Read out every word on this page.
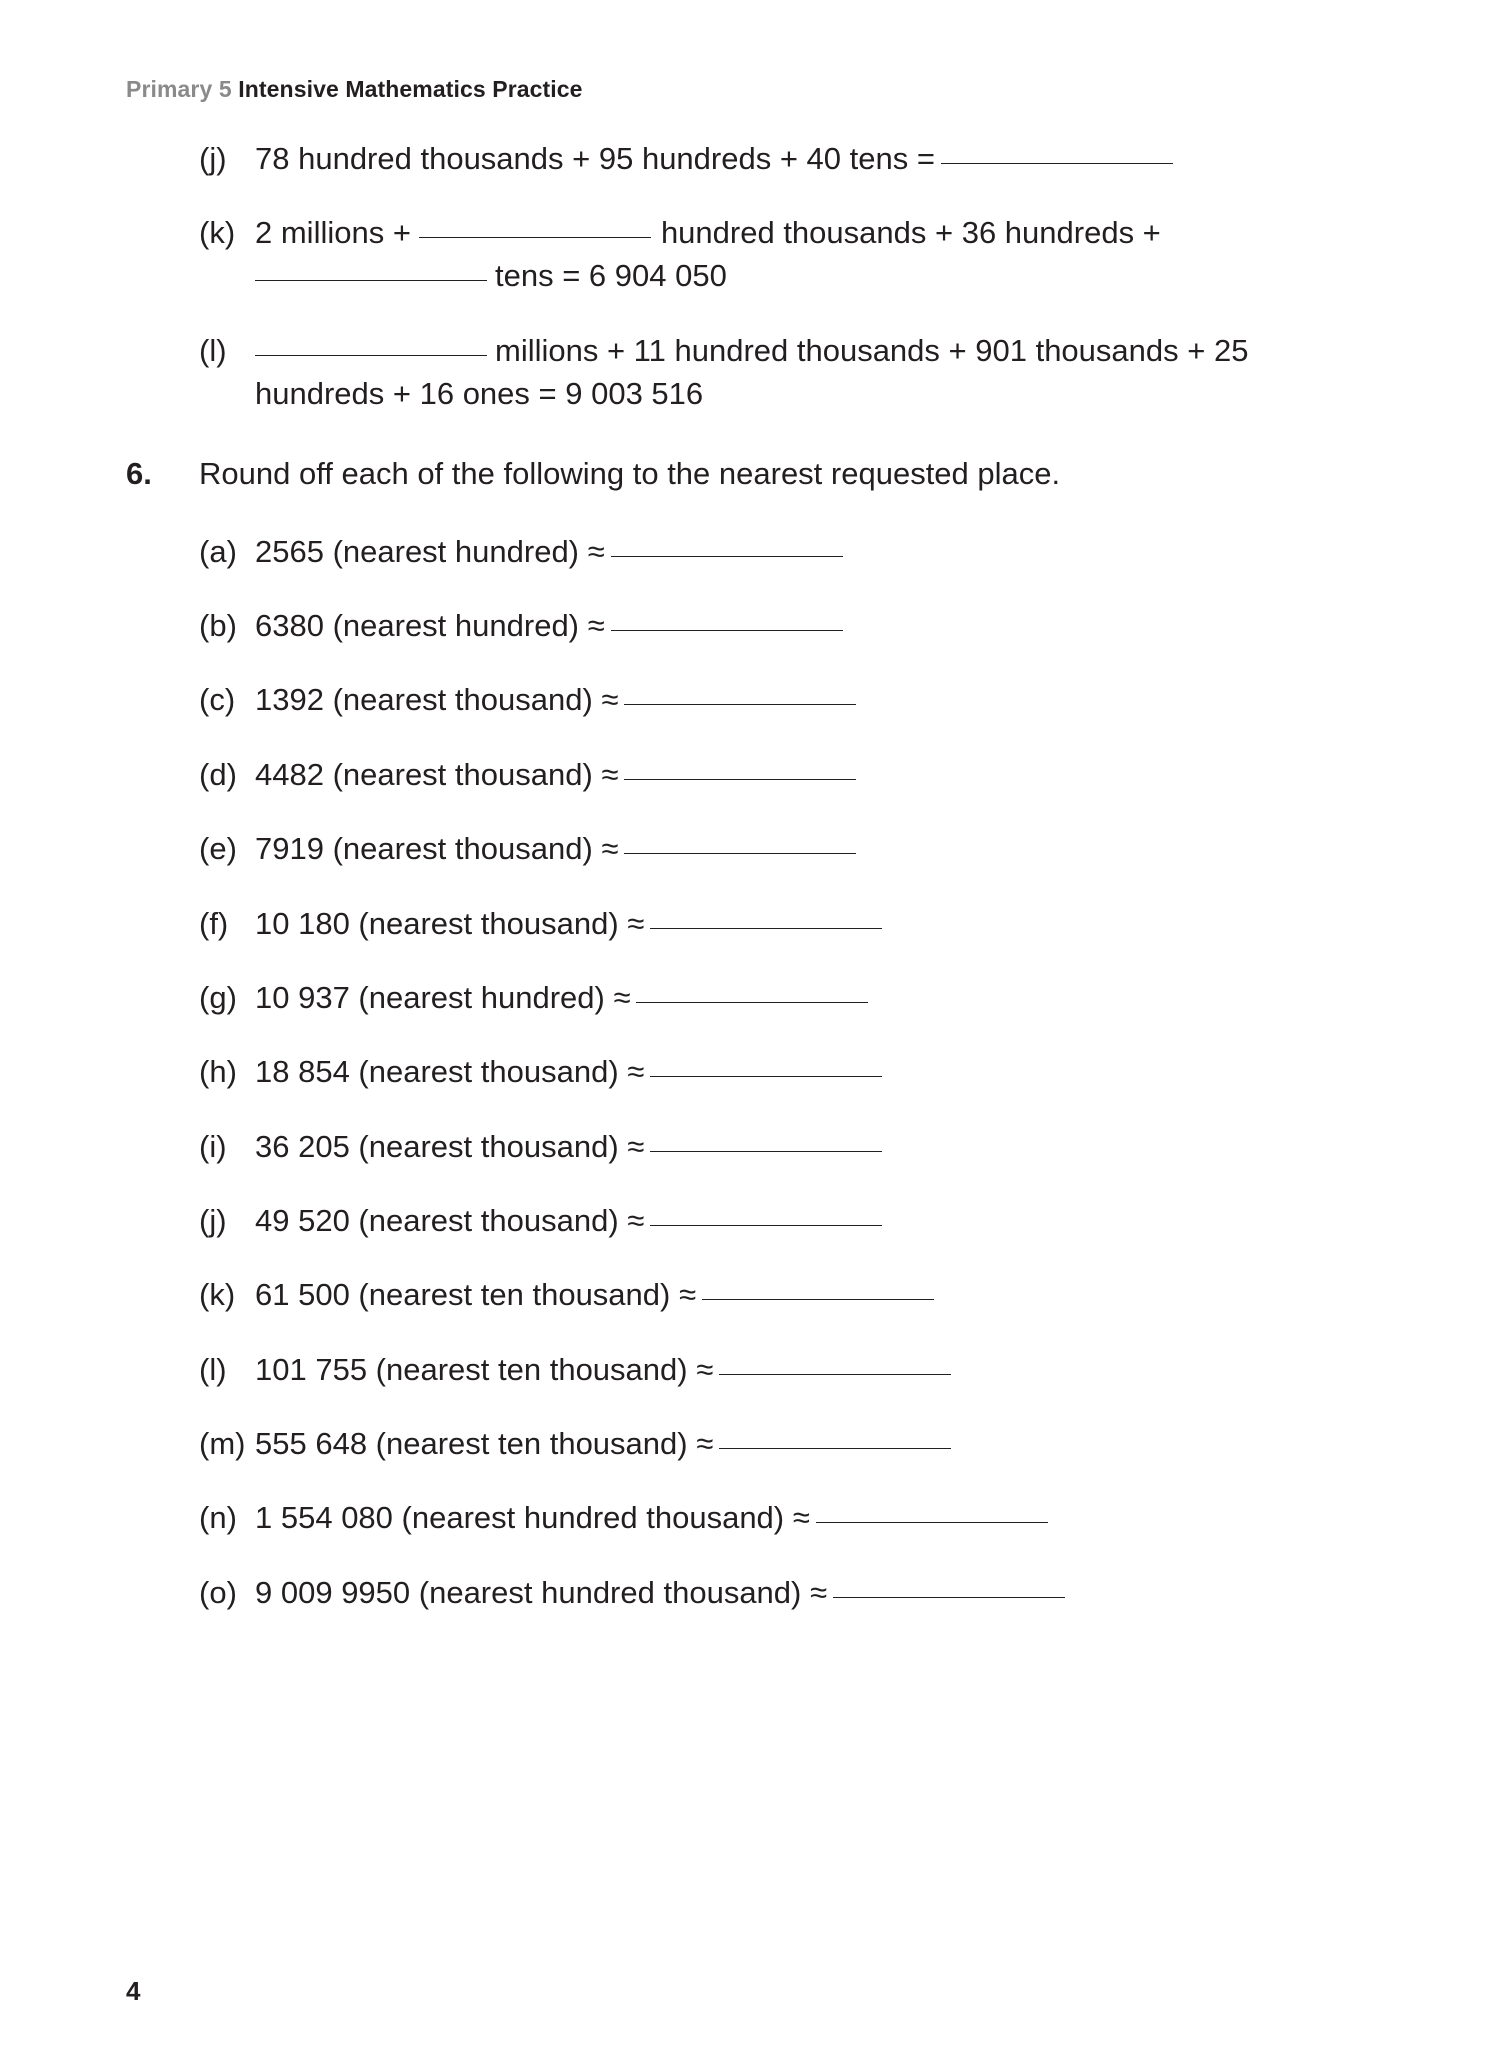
Primary 5 Intensive Mathematics Practice
(j) 78 hundred thousands + 95 hundreds + 40 tens =
(k) 2 millions +	hundred thousands + 36 hundreds +
tens = 6 904 050
(l)	millions + 11 hundred thousands + 901 thousands + 25
hundreds + 16 ones = 9 003 516
6. Round off each of the following to the nearest requested place.
(a) 2565 (nearest hundred) ≈
(b) 6380 (nearest hundred) ≈
(c) 1392 (nearest thousand) ≈
(d) 4482 (nearest thousand) ≈
(e) 7919 (nearest thousand) ≈
(f) 10 180 (nearest thousand) ≈
(g) 10 937 (nearest hundred) ≈
(h) 18 854 (nearest thousand) ≈
(i) 36 205 (nearest thousand) ≈
(j) 49 520 (nearest thousand) ≈
(k) 61 500 (nearest ten thousand) ≈
(l) 101 755 (nearest ten thousand) ≈
(m) 555 648 (nearest ten thousand) ≈
(n) 1 554 080 (nearest hundred thousand) ≈
(o) 9 009 9950 (nearest hundred thousand) ≈
4
